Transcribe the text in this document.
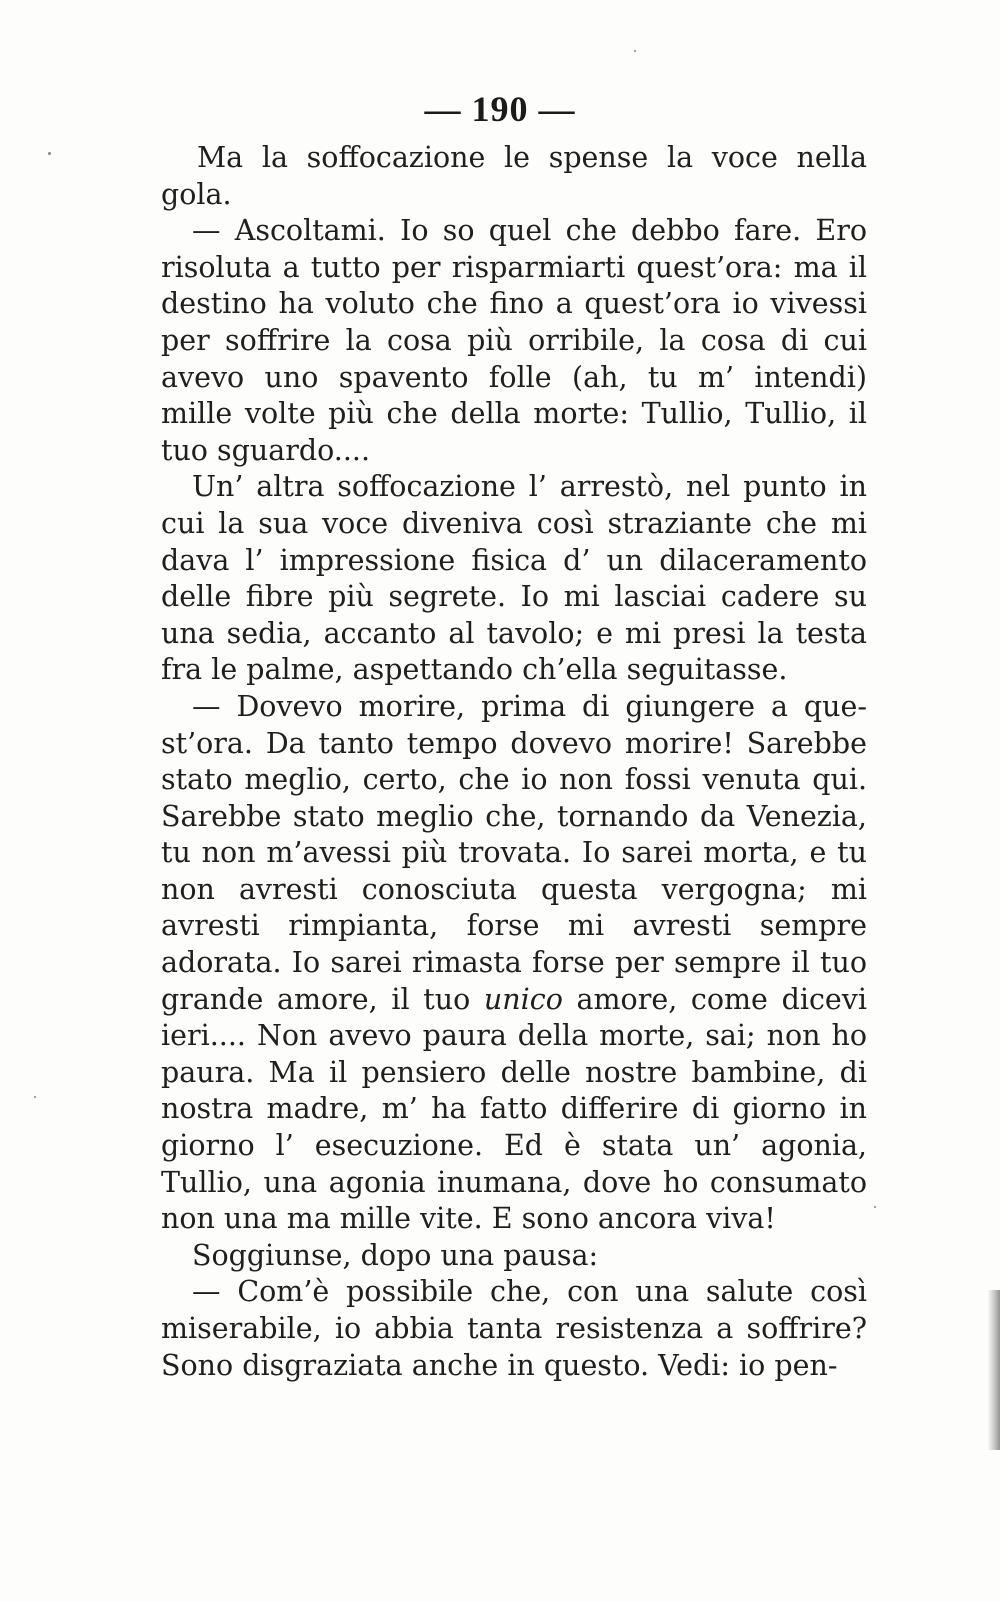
— 190 —

Ma la soffocazione le spense la voce nella gola.

— Ascoltami. Io so quel che debbo fare. Ero risoluta a tutto per risparmiarti quest’ora: ma il destino ha voluto che fino a quest’ora io vivessi per soffrire la cosa più orribile, la cosa di cui avevo uno spavento folle (ah, tu m’ intendi) mille volte più che della morte: Tullio, Tullio, il tuo sguardo....

Un’ altra soffocazione l’ arrestò, nel punto in cui la sua voce diveniva così straziante che mi dava l’ impressione fisica d’ un dilaceramento delle fibre più segrete. Io mi lasciai cadere su una sedia, accanto al tavolo; e mi presi la testa fra le palme, aspettando ch’ella seguitasse.

— Dovevo morire, prima di giungere a quest’ora. Da tanto tempo dovevo morire! Sarebbe stato meglio, certo, che io non fossi venuta qui. Sarebbe stato meglio che, tornando da Venezia, tu non m’avessi più trovata. Io sarei morta, e tu non avresti conosciuta questa vergogna; mi avresti rimpianta, forse mi avresti sempre adorata. Io sarei rimasta forse per sempre il tuo grande amore, il tuo unico amore, come dicevi ieri.... Non avevo paura della morte, sai; non ho paura. Ma il pensiero delle nostre bambine, di nostra madre, m’ ha fatto differire di giorno in giorno l’ esecuzione. Ed è stata un’ agonia, Tullio, una agonia inumana, dove ho consumato non una ma mille vite. E sono ancora viva!

Soggiunse, dopo una pausa:

— Com’è possibile che, con una salute così miserabile, io abbia tanta resistenza a soffrire? Sono disgraziata anche in questo. Vedi: io pen-
